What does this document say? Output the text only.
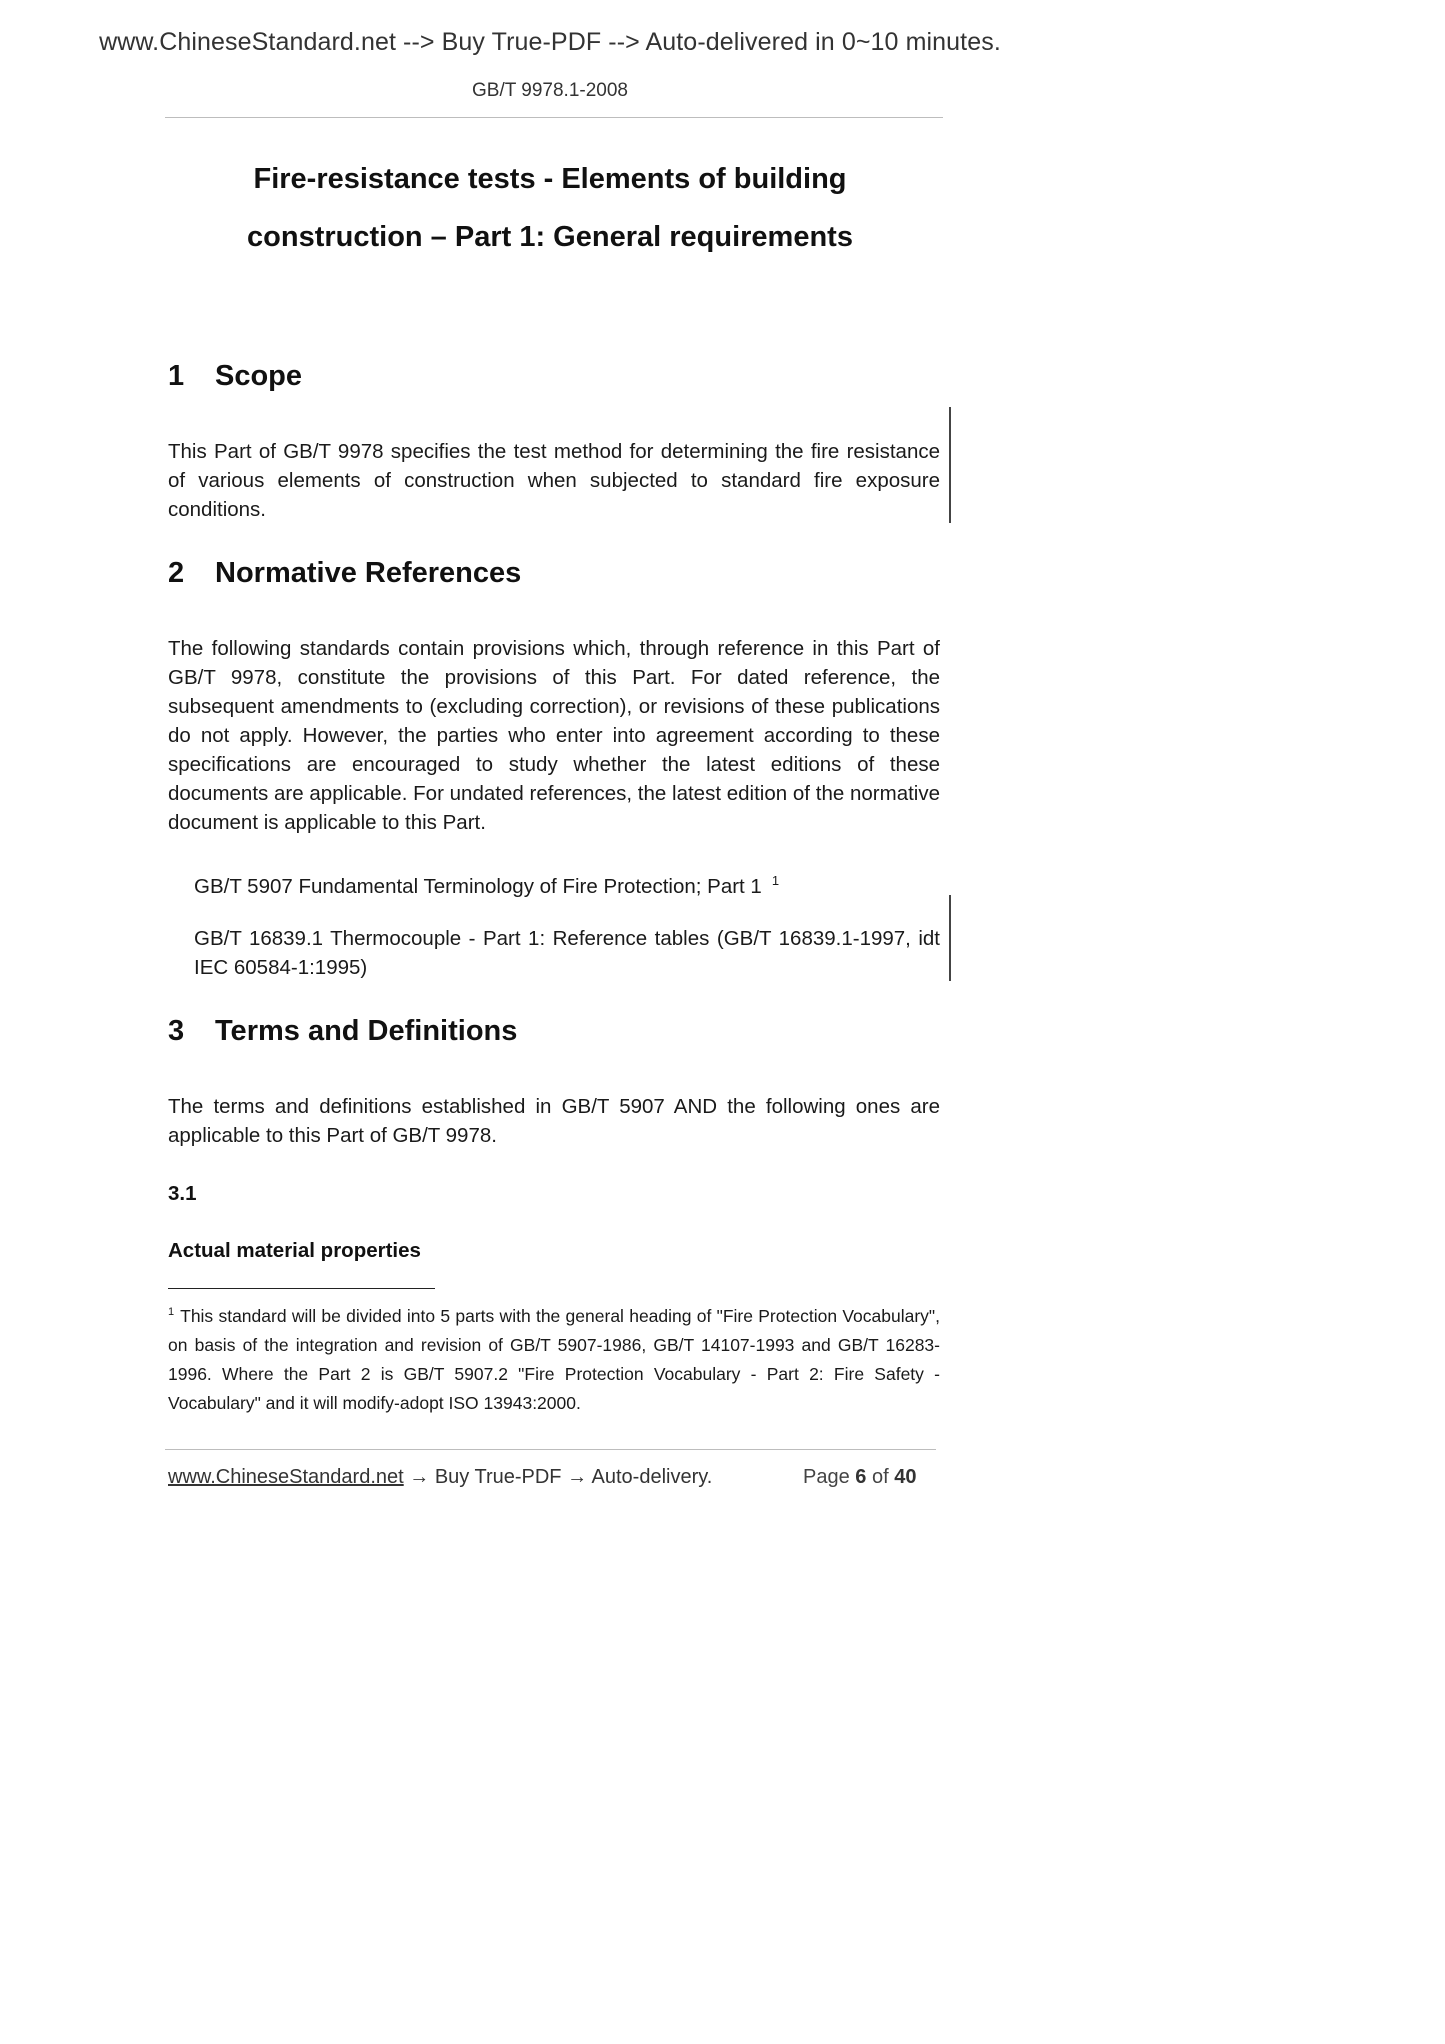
www.ChineseStandard.net --> Buy True-PDF --> Auto-delivered in 0~10 minutes.
GB/T 9978.1-2008
Fire-resistance tests - Elements of building
construction – Part 1: General requirements
1 Scope
This Part of GB/T 9978 specifies the test method for determining the fire resistance of various elements of construction when subjected to standard fire exposure conditions.
2 Normative References
The following standards contain provisions which, through reference in this Part of GB/T 9978, constitute the provisions of this Part. For dated reference, the subsequent amendments to (excluding correction), or revisions of these publications do not apply. However, the parties who enter into agreement according to these specifications are encouraged to study whether the latest editions of these documents are applicable. For undated references, the latest edition of the normative document is applicable to this Part.
GB/T 5907 Fundamental Terminology of Fire Protection; Part 1 $^1$
GB/T 16839.1 Thermocouple - Part 1: Reference tables (GB/T 16839.1-1997, idt IEC 60584-1:1995)
3 Terms and Definitions
The terms and definitions established in GB/T 5907 AND the following ones are applicable to this Part of GB/T 9978.
3.1
Actual material properties
$^1$ This standard will be divided into 5 parts with the general heading of "Fire Protection Vocabulary", on basis of the integration and revision of GB/T 5907-1986, GB/T 14107-1993 and GB/T 16283-1996. Where the Part 2 is GB/T 5907.2 "Fire Protection Vocabulary - Part 2: Fire Safety - Vocabulary" and it will modify-adopt ISO 13943:2000.
www.ChineseStandard.net → Buy True-PDF → Auto-delivery.	Page 6 of 40
